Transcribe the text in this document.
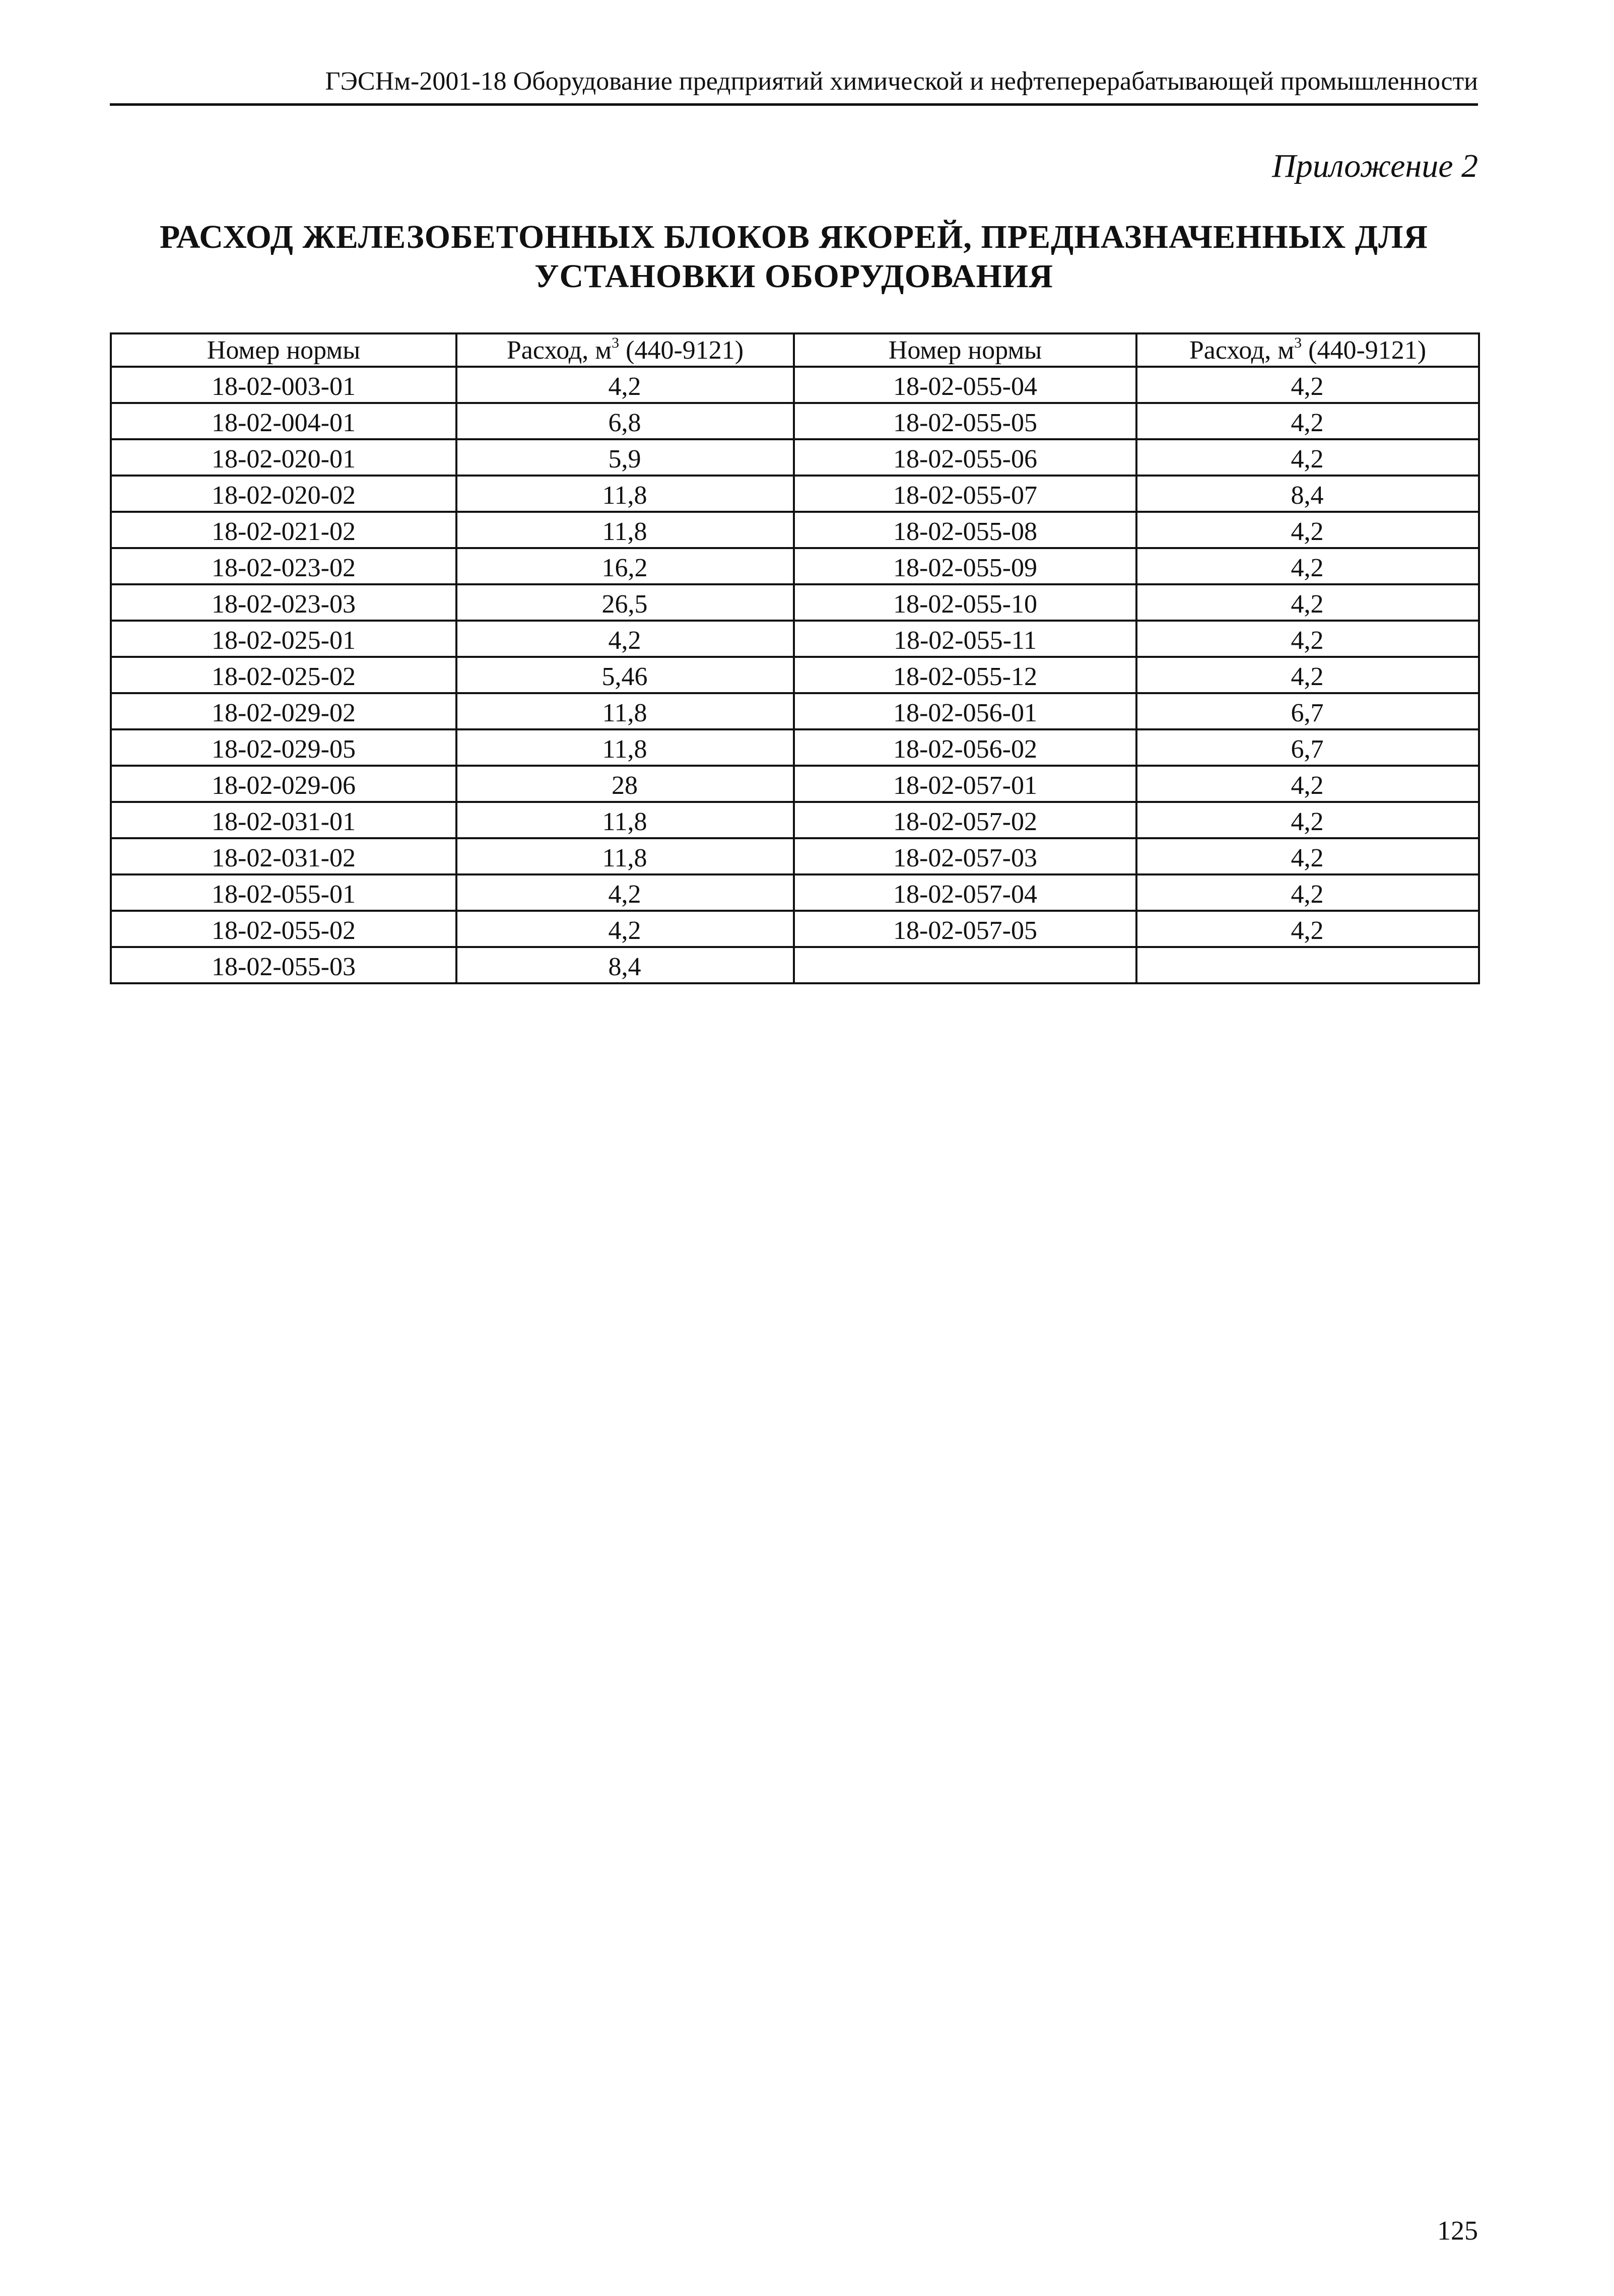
ГЭСНм-2001-18 Оборудование предприятий химической и нефтеперерабатывающей промышленности
Приложение 2
РАСХОД ЖЕЛЕЗОБЕТОННЫХ БЛОКОВ ЯКОРЕЙ, ПРЕДНАЗНАЧЕННЫХ ДЛЯ
УСТАНОВКИ ОБОРУДОВАНИЯ
Номер нормы	Расход, $м^3$ (440-9121)	Номер нормы	Расход, $м^3$ (440-9121)
18-02-003-01	4,2	18-02-055-04	4,2
18-02-004-01	6,8	18-02-055-05	4,2
18-02-020-01	5,9	18-02-055-06	4,2
18-02-020-02	11,8	18-02-055-07	8,4
18-02-021-02	11,8	18-02-055-08	4,2
18-02-023-02	16,2	18-02-055-09	4,2
18-02-023-03	26,5	18-02-055-10	4,2
18-02-025-01	4,2	18-02-055-11	4,2
18-02-025-02	5,46	18-02-055-12	4,2
18-02-029-02	11,8	18-02-056-01	6,7
18-02-029-05	11,8	18-02-056-02	6,7
18-02-029-06	28	18-02-057-01	4,2
18-02-031-01	11,8	18-02-057-02	4,2
18-02-031-02	11,8	18-02-057-03	4,2
18-02-055-01	4,2	18-02-057-04	4,2
18-02-055-02	4,2	18-02-057-05	4,2
18-02-055-03	8,4		
125
